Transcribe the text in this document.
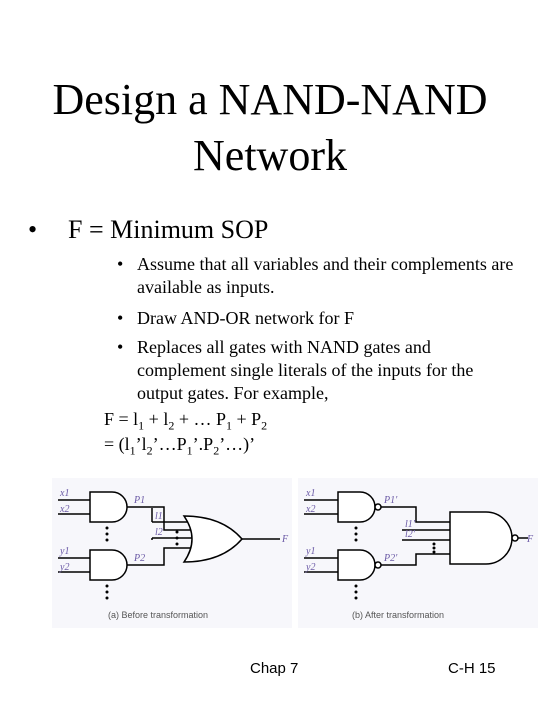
Design a NAND-NAND
Network
• F = Minimum SOP
• Assume that all variables and their complements are available as inputs.
• Draw AND-OR network for F
• Replaces all gates with NAND gates and complement single literals of the inputs for the output gates. For example,
$F = l_1 + l_2$ + … $P_1 + P_2$
= $(l_1’l_2’\dots P_1’.P_2’\dots)$’
x1
x2
y1
y2
P1
P2
l1
l2
F
(a) Before transformation
x1
x2
y1
y2
P1'
P2'
l1'
l2'	F
(b) After transformation
Chap 7	C-H 15
